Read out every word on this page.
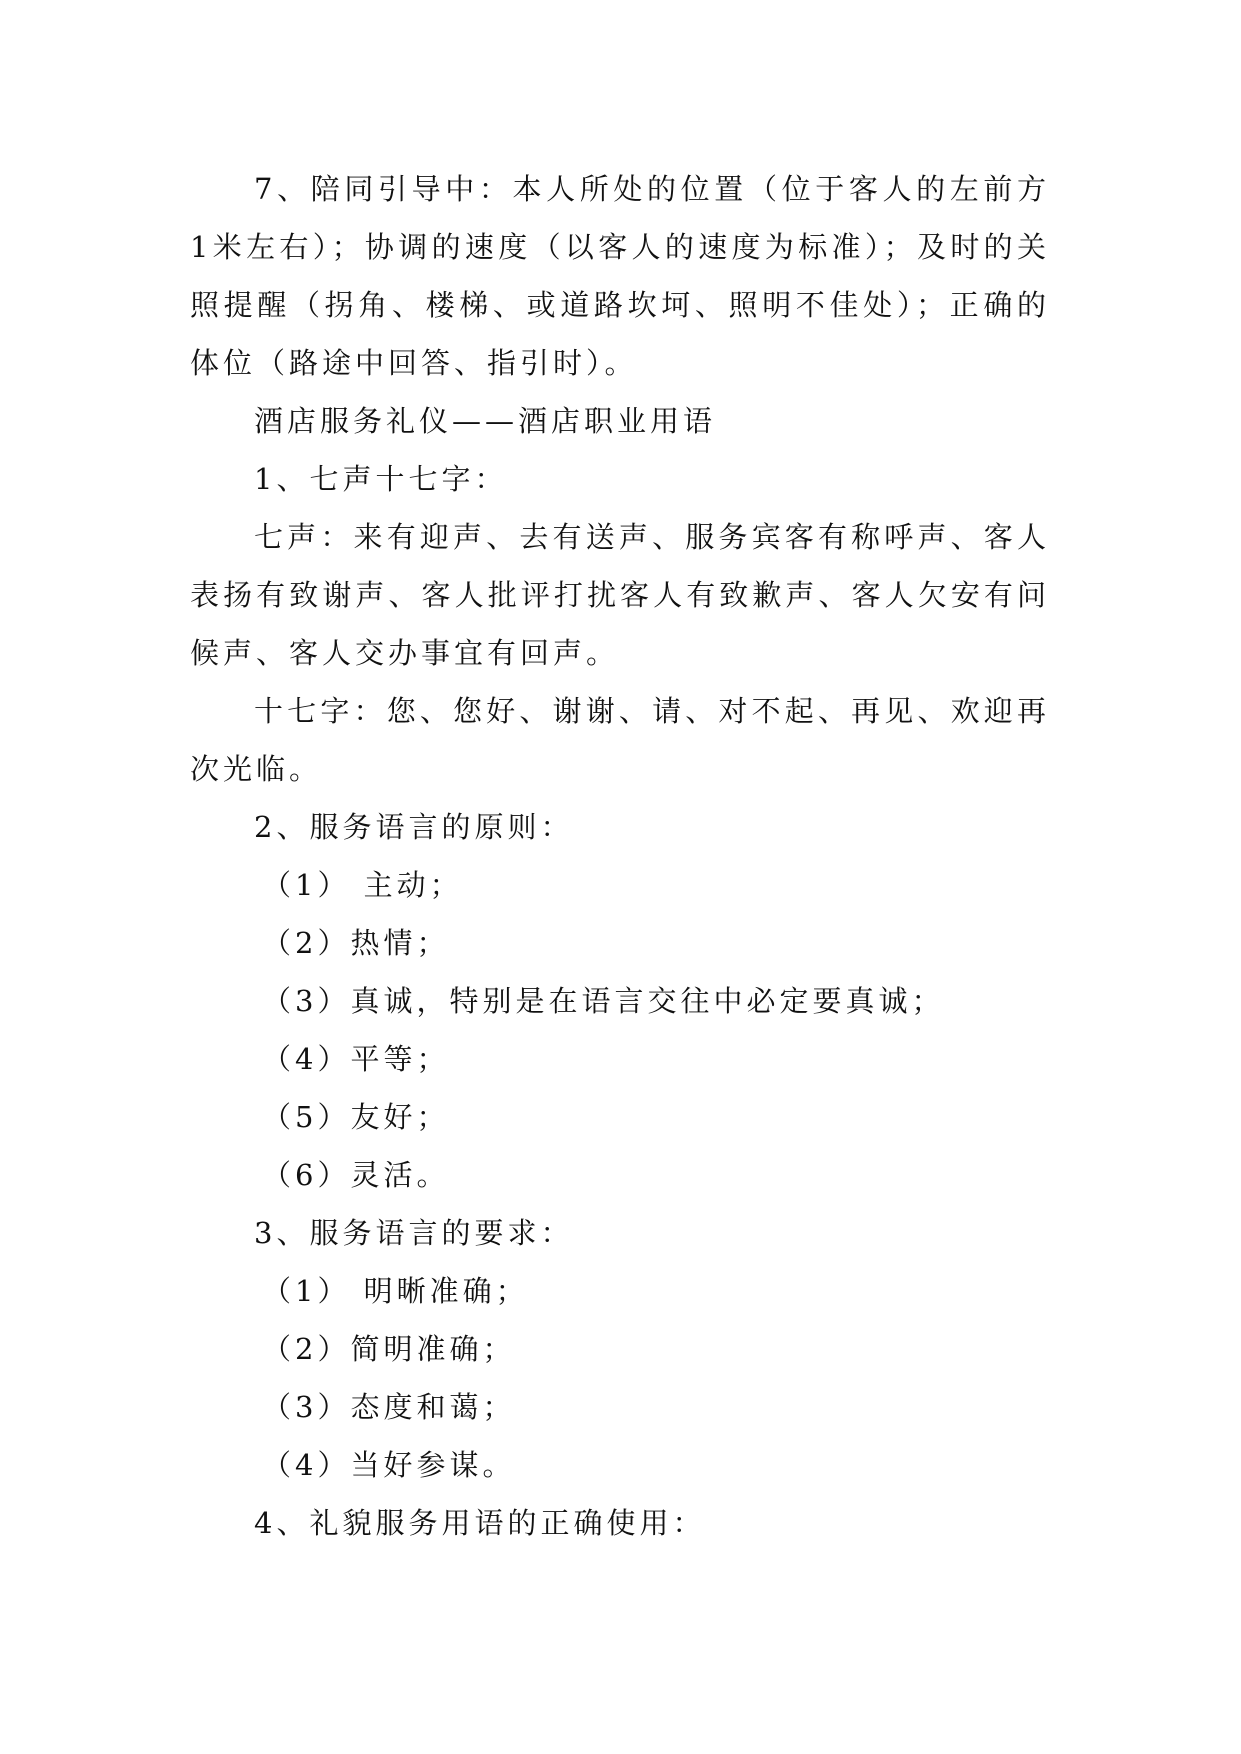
7、陪同引导中：本人所处的位置（位于客人的左前方1米左右）；协调的速度（以客人的速度为标准）；及时的关照提醒（拐角、楼梯、或道路坎坷、照明不佳处）；正确的体位（路途中回答、指引时）。

酒店服务礼仪——酒店职业用语

1、七声十七字：

七声：来有迎声、去有送声、服务宾客有称呼声、客人表扬有致谢声、客人批评打扰客人有致歉声、客人欠安有问候声、客人交办事宜有回声。

十七字：您、您好、谢谢、请、对不起、再见、欢迎再次光临。

2、服务语言的原则：

（1） 主动；

（2）热情；

（3）真诚，特别是在语言交往中必定要真诚；

（4）平等；

（5）友好；

（6）灵活。

3、服务语言的要求：

（1） 明晰准确；

（2）简明准确；

（3）态度和蔼；

（4）当好参谋。

4、礼貌服务用语的正确使用：
